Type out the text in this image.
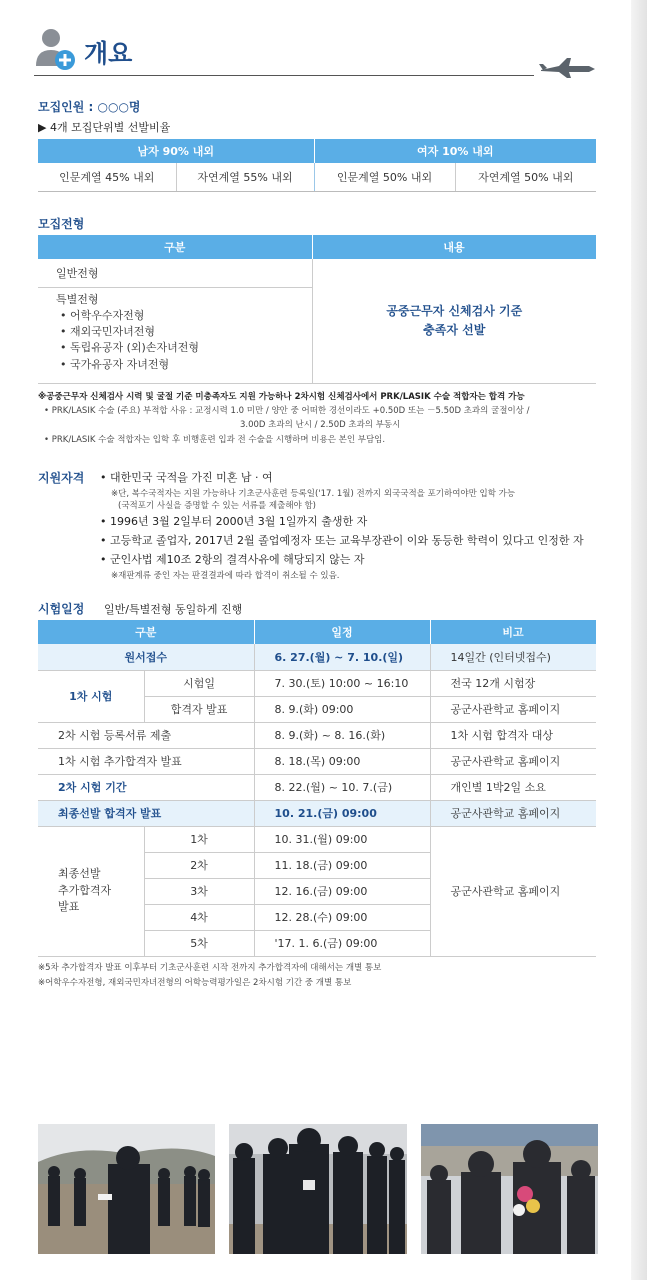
개요
모집인원 : ○○○명
▶ 4개 모집단위별 선발비율
남자 90% 내외		여자 10% 내외	
인문계열 45% 내외	자연계열 55% 내외	인문계열 50% 내외	자연계열 50% 내외
모집전형
구분	내용
일반전형	공중근무자 신체검사 기준
충족자 선발

특별전형
• 어학우수자전형
• 재외국민자녀전형
• 독립유공자 (외)손자녀전형
• 국가유공자 자녀전형	
※공중근무자 신체검사 시력 및 굴절 기준 미충족자도 지원 가능하나 2차시험 신체검사에서 PRK/LASIK 수술 적합자는 합격 가능
• PRK/LASIK 수술 (주요) 부적합 사유 : 교정시력 1.0 미만 / 양안 중 어떠한 경선이라도 +0.50D 또는 －5.50D 초과의 굴절이상 /
3.00D 초과의 난시 / 2.50D 초과의 부동시
• PRK/LASIK 수술 적합자는 입학 후 비행훈련 입과 전 수술을 시행하며 비용은 본인 부담임.
지원자격 • 대한민국 국적을 가진 미혼 남 · 여
※단, 복수국적자는 지원 가능하나 기초군사훈련 등록일('17. 1월) 전까지 외국국적을 포기하여야만 입학 가능
(국적포기 사실을 증명할 수 있는 서류를 제출해야 함)
• 1996년 3월 2일부터 2000년 3월 1일까지 출생한 자
• 고등학교 졸업자, 2017년 2월 졸업예정자 또는 교육부장관이 이와 동등한 학력이 있다고 인정한 자
• 군인사법 제10조 2항의 결격사유에 해당되지 않는 자
※재판계류 중인 자는 판결결과에 따라 합격이 취소될 수 있음.
시험일정 일반/특별전형 동일하게 진행
구분		일정	비고
원서접수		6. 27.(월) ~ 7. 10.(일)	14일간 (인터넷접수)
1차 시험	시험일	7. 30.(토) 10:00 ~ 16:10	전국 12개 시험장
	합격자 발표	8. 9.(화) 09:00	공군사관학교 홈페이지
2차 시험 등록서류 제출		8. 9.(화) ~ 8. 16.(화)	1차 시험 합격자 대상
1차 시험 추가합격자 발표		8. 18.(목) 09:00	공군사관학교 홈페이지
2차 시험 기간		8. 22.(월) ~ 10. 7.(금)	개인별 1박2일 소요
최종선발 합격자 발표		10. 21.(금) 09:00	공군사관학교 홈페이지
최종선발
추가합격자
발표	1차	10. 31.(월) 09:00	공군사관학교 홈페이지
	2차	11. 18.(금) 09:00	
	3차	12. 16.(금) 09:00	
	4차	12. 28.(수) 09:00	
	5차	'17. 1. 6.(금) 09:00	
※5차 추가합격자 발표 이후부터 기초군사훈련 시작 전까지 추가합격자에 대해서는 개별 통보
※어학우수자전형, 재외국민자녀전형의 어학능력평가일은 2차시험 기간 중 개별 통보
